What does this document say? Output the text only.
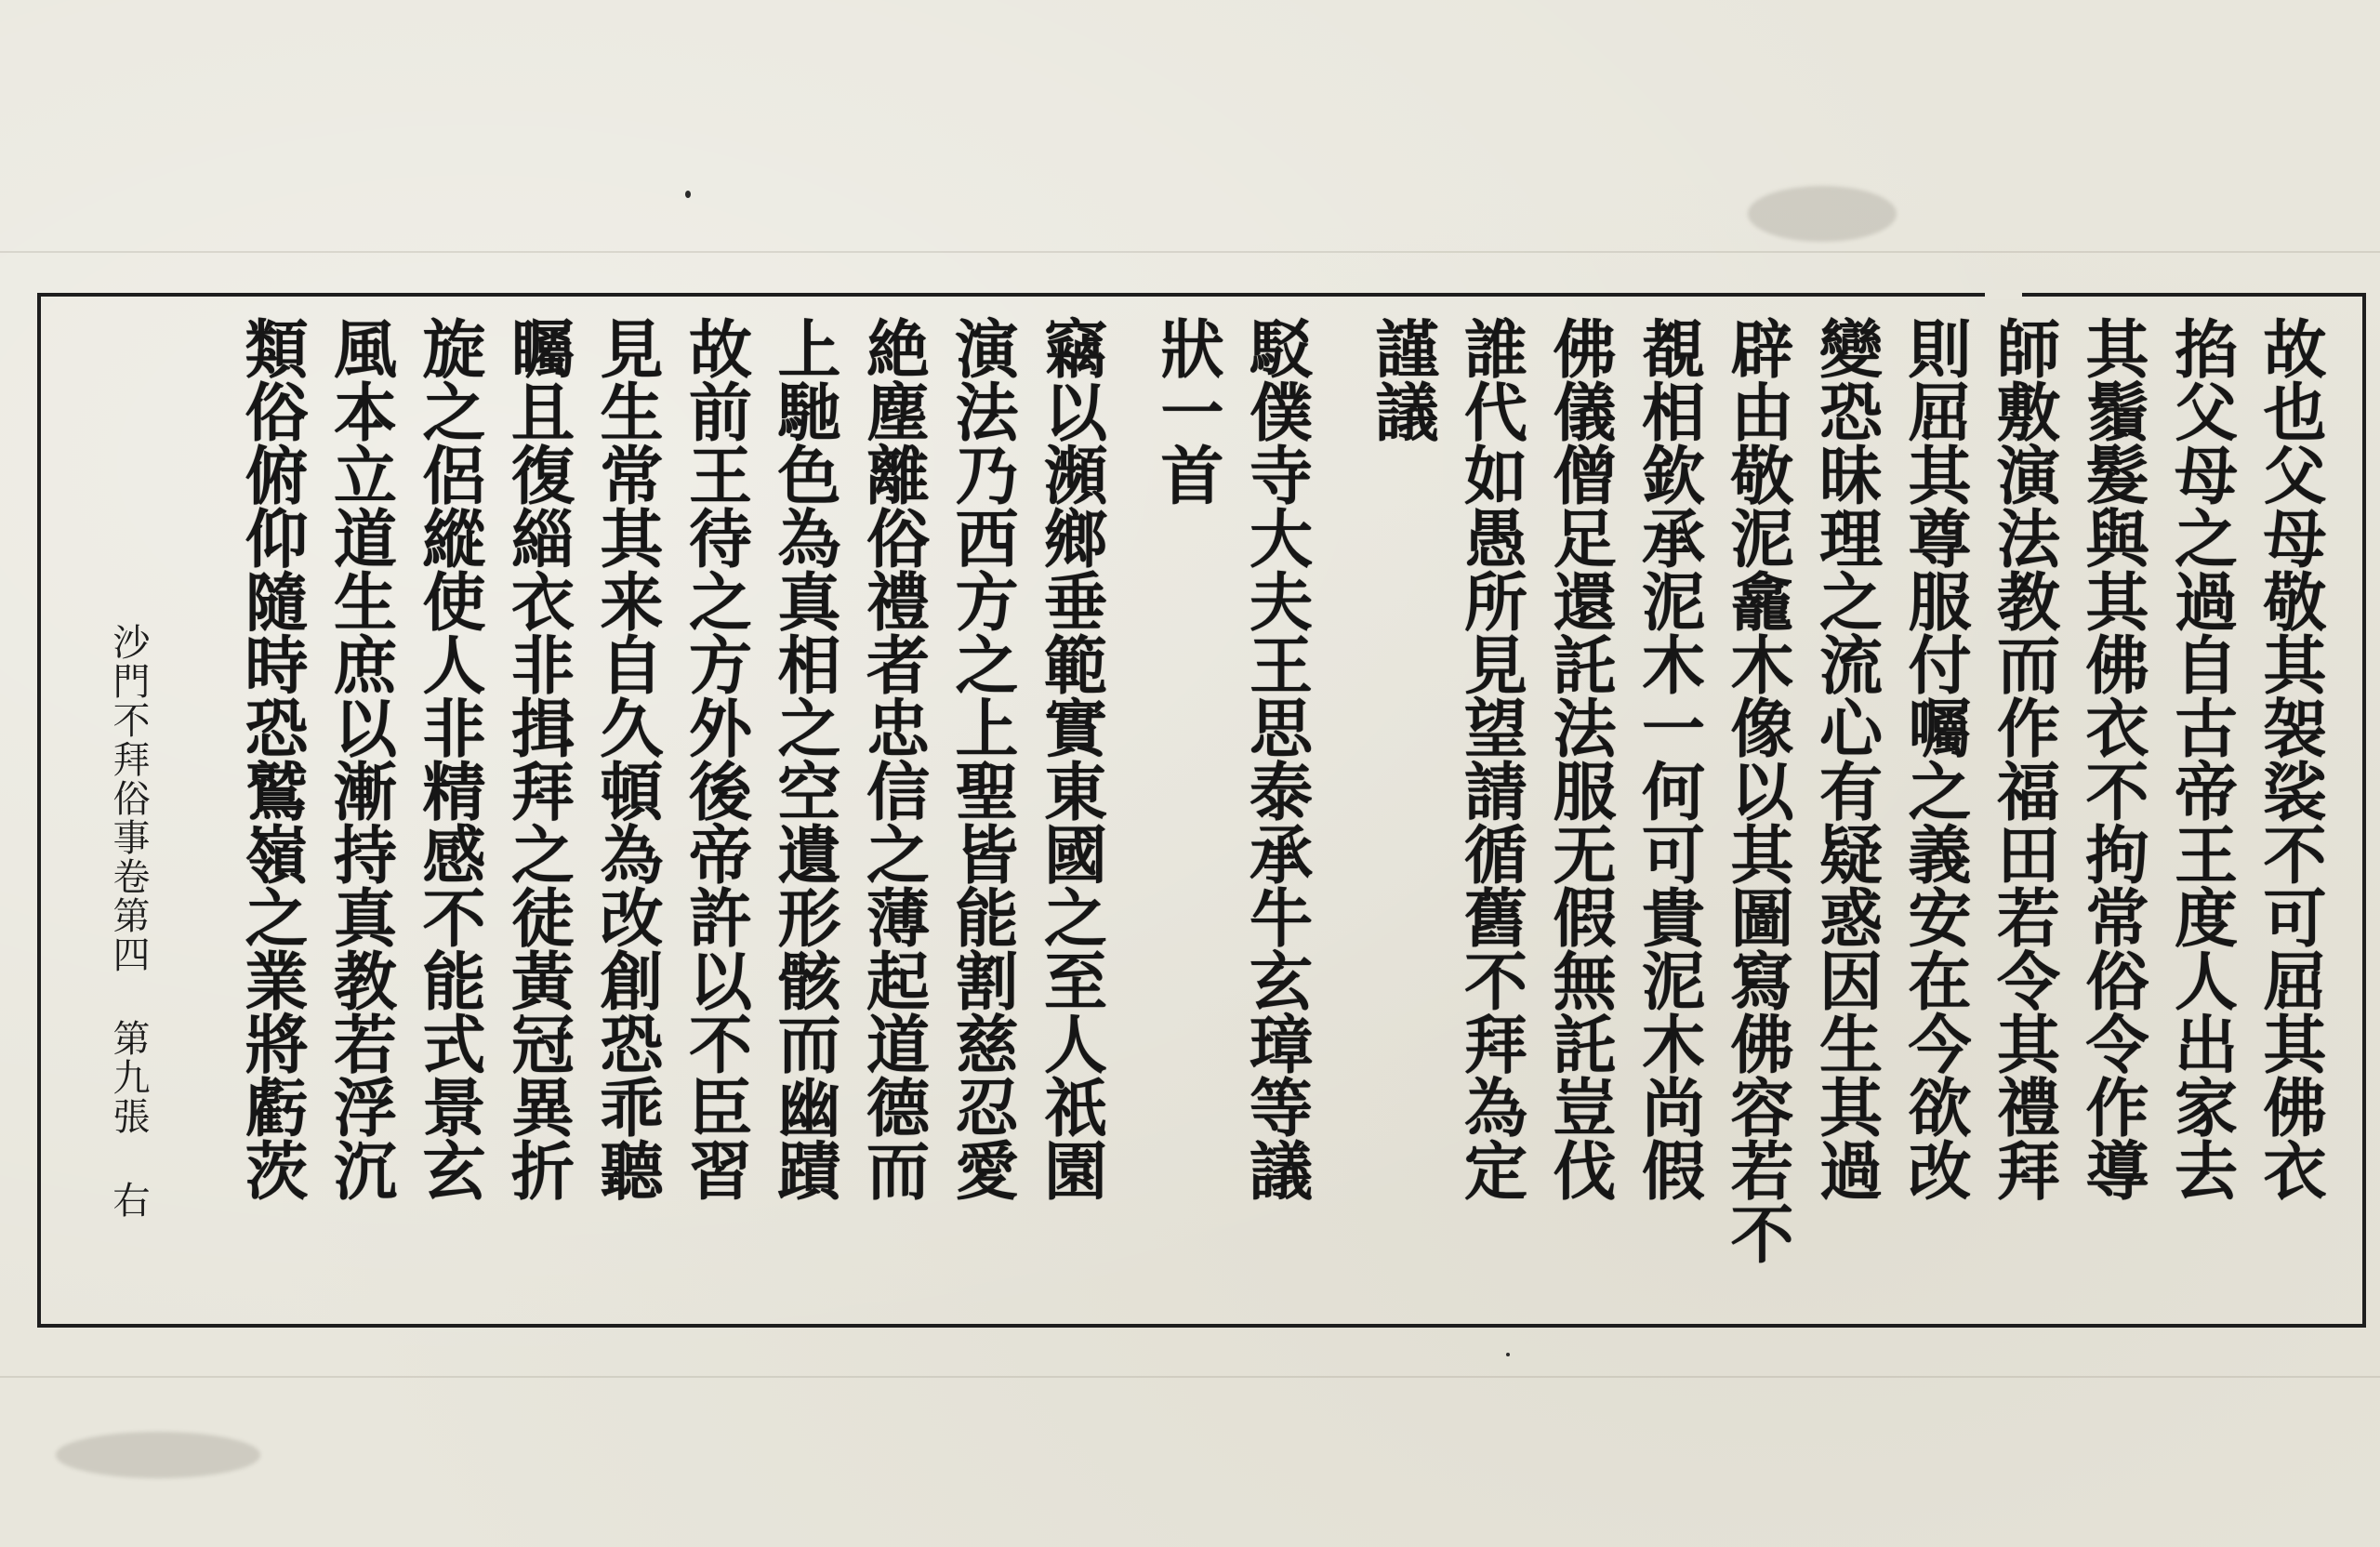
故也父母敬其袈裟不可屈其佛衣
掐父母之過自古帝王度人出家去
其鬚髮與其佛衣不拘常俗令作導
師敷演法教而作福田若令其禮拜
則屈其尊服付囑之義安在今欲改
變恐昧理之流心有疑惑因生其過
辟由敬泥龕木像以其圖寫佛容若不
覩相欽承泥木一何可貴泥木尚假
佛儀僧足還託法服无假無託豈伐
誰代如愚所見望請循舊不拜為定
謹議
駁僕寺大夫王思泰承牛玄璋等議
狀一首
竊以瀕鄉垂範實東國之至人祇園
演法乃西方之上聖皆能割慈忍愛
絶塵離俗禮者忠信之薄起道德而
上馳色為真相之空遺形骸而幽蹟
故前王待之方外後帝許以不臣習
見生常其来自久頓為改創恐乖聽
矚且復緇衣非揖拜之徒黃冠異折
旋之侶縱使人非精感不能式景玄
風本立道生庶以漸持真教若浮沉
類俗俯仰隨時恐鷲嶺之業將虧茨
沙門不拜俗事卷第四 第九張 右
